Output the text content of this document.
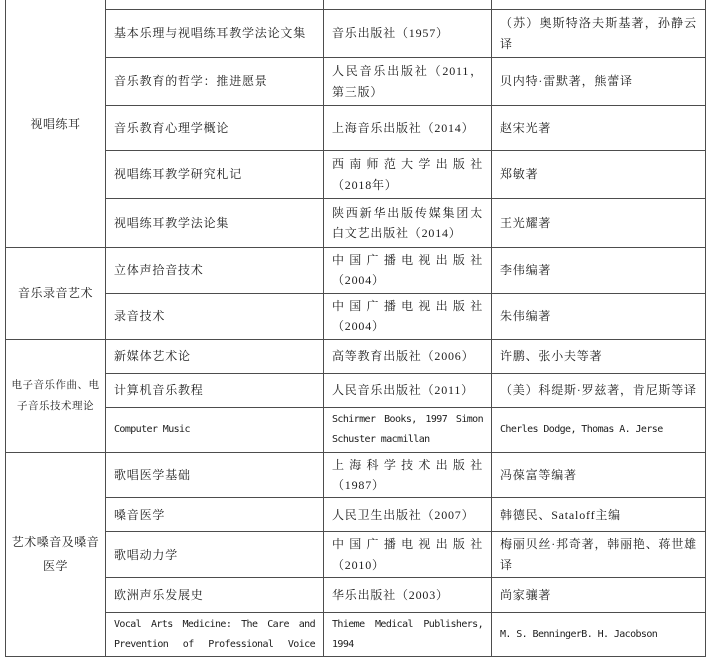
视唱练耳			
	基本乐理与视唱练耳教学法论文集	音乐出版社（1957）	（苏）奥斯特洛夫斯基著，孙静云译
	音乐教育的哲学：推进愿景	人民音乐出版社（2011，第三版）	贝内特·雷默著，熊蕾译
	音乐教育心理学概论	上海音乐出版社（2014）	赵宋光著
	视唱练耳教学研究札记	西南师范大学出版社（2018年）	郑敏著
	视唱练耳教学法论集	陕西新华出版传媒集团太白文艺出版社（2014）	王光耀著
音乐录音艺术	立体声拾音技术	中国广播电视出版社（2004）	李伟编著
	录音技术	中国广播电视出版社（2004）	朱伟编著
电子音乐作曲、电子音乐技术理论	新媒体艺术论	高等教育出版社（2006）	许鹏、张小夫等著
	计算机音乐教程	人民音乐出版社（2011）	（美）科缇斯·罗兹著，肯尼斯等译
	Computer Music	Schirmer Books, 1997 Simon Schuster macmillan	Cherles Dodge, Thomas A. Jerse
艺术嗓音及嗓音医学	歌唱医学基础	上海科学技术出版社（1987）	冯葆富等编著
	嗓音医学	人民卫生出版社（2007）	韩德民、Sataloff主编
	歌唱动力学	中国广播电视出版社（2010）	梅丽贝丝·邦奇著，韩丽艳、蒋世雄译
	欧洲声乐发展史	华乐出版社（2003）	尚家骧著
	Vocal Arts Medicine: The Care and Prevention of Professional Voice	Thieme Medical Publishers, 1994	M. S. BenningerB. H. Jacobson
